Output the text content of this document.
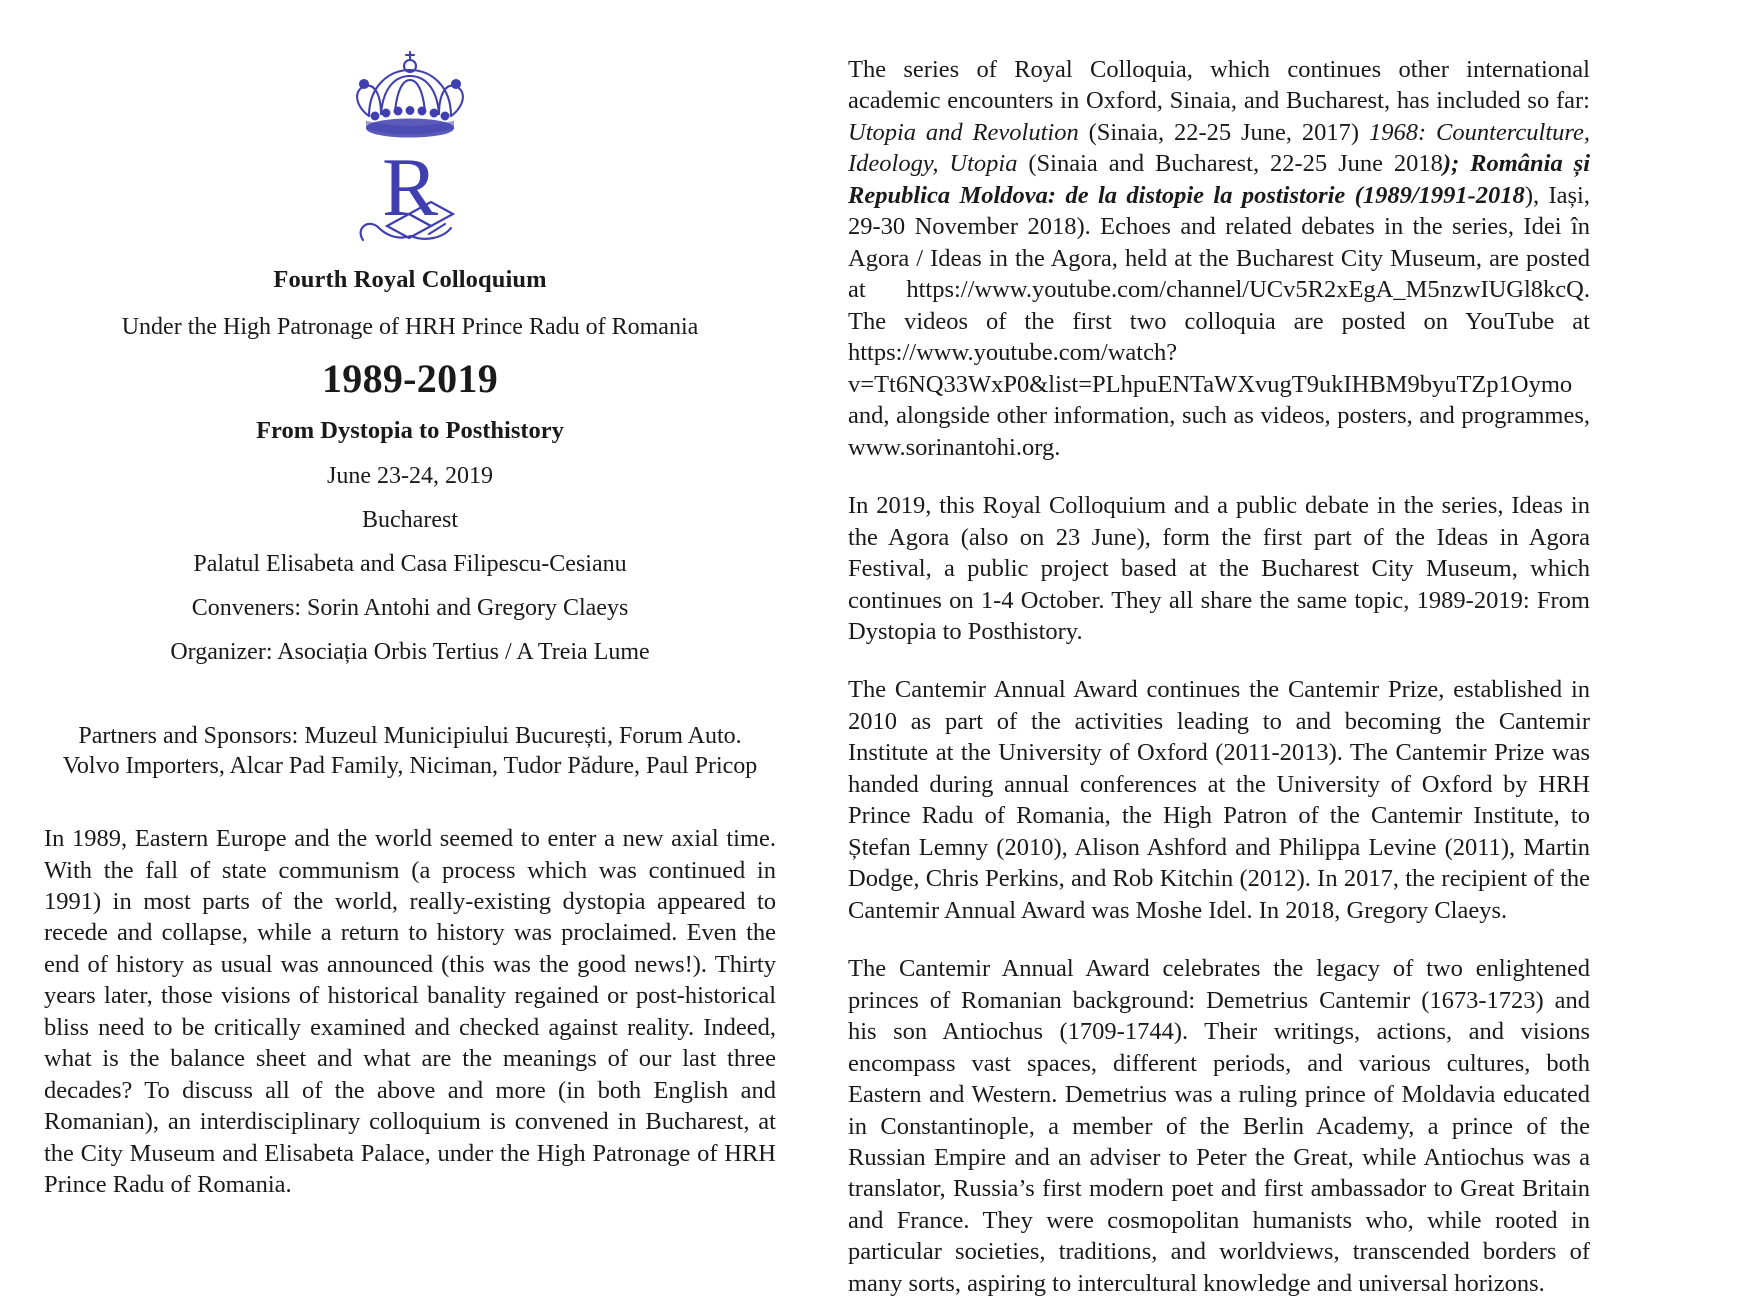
R
Fourth Royal Colloquium
Under the High Patronage of HRH Prince Radu of Romania
1989-2019
From Dystopia to Posthistory
June 23-24, 2019
Bucharest
Palatul Elisabeta and Casa Filipescu-Cesianu
Conveners: Sorin Antohi and Gregory Claeys
Organizer: Asociația Orbis Tertius / A Treia Lume
Partners and Sponsors: Muzeul Municipiului București, Forum Auto.
Volvo Importers, Alcar Pad Family, Niciman, Tudor Pădure, Paul Pricop

In 1989, Eastern Europe and the world seemed to enter a new axial time. With the fall of state communism (a process which was continued in 1991) in most parts of the world, really-existing dystopia appeared to recede and collapse, while a return to history was proclaimed. Even the end of history as usual was announced (this was the good news!). Thirty years later, those visions of historical banality regained or post-historical bliss need to be critically examined and checked against reality. Indeed, what is the balance sheet and what are the meanings of our last three decades? To discuss all of the above and more (in both English and Romanian), an interdisciplinary colloquium is convened in Bucharest, at the City Museum and Elisabeta Palace, under the High Patronage of HRH Prince Radu of Romania.

The series of Royal Colloquia, which continues other international academic encounters in Oxford, Sinaia, and Bucharest, has included so far: Utopia and Revolution (Sinaia, 22-25 June, 2017) 1968: Counterculture, Ideology, Utopia (Sinaia and Bucharest, 22-25 June 2018); România și Republica Moldova: de la distopie la postistorie (1989/1991-2018), Iași, 29-30 November 2018). Echoes and related debates in the series, Idei în Agora / Ideas in the Agora, held at the Bucharest City Museum, are posted at https://www.youtube.com/channel/UCv5R2xEgA_M5nzwIUGl8kcQ. The videos of the first two colloquia are posted on YouTube at https://www.youtube.com/watch?v=Tt6NQ33WxP0&list=PLhpuENTaWXvugT9ukIHBM9byuTZp1Oymo and, alongside other information, such as videos, posters, and programmes, www.sorinantohi.org.

In 2019, this Royal Colloquium and a public debate in the series, Ideas in the Agora (also on 23 June), form the first part of the Ideas in Agora Festival, a public project based at the Bucharest City Museum, which continues on 1-4 October. They all share the same topic, 1989-2019: From Dystopia to Posthistory.

The Cantemir Annual Award continues the Cantemir Prize, established in 2010 as part of the activities leading to and becoming the Cantemir Institute at the University of Oxford (2011-2013). The Cantemir Prize was handed during annual conferences at the University of Oxford by HRH Prince Radu of Romania, the High Patron of the Cantemir Institute, to Ștefan Lemny (2010), Alison Ashford and Philippa Levine (2011), Martin Dodge, Chris Perkins, and Rob Kitchin (2012). In 2017, the recipient of the Cantemir Annual Award was Moshe Idel. In 2018, Gregory Claeys.

The Cantemir Annual Award celebrates the legacy of two enlightened princes of Romanian background: Demetrius Cantemir (1673-1723) and his son Antiochus (1709-1744). Their writings, actions, and visions encompass vast spaces, different periods, and various cultures, both Eastern and Western. Demetrius was a ruling prince of Moldavia educated in Constantinople, a member of the Berlin Academy, a prince of the Russian Empire and an adviser to Peter the Great, while Antiochus was a translator, Russia’s first modern poet and first ambassador to Great Britain and France. They were cosmopolitan humanists who, while rooted in particular societies, traditions, and worldviews, transcended borders of many sorts, aspiring to intercultural knowledge and universal horizons.
